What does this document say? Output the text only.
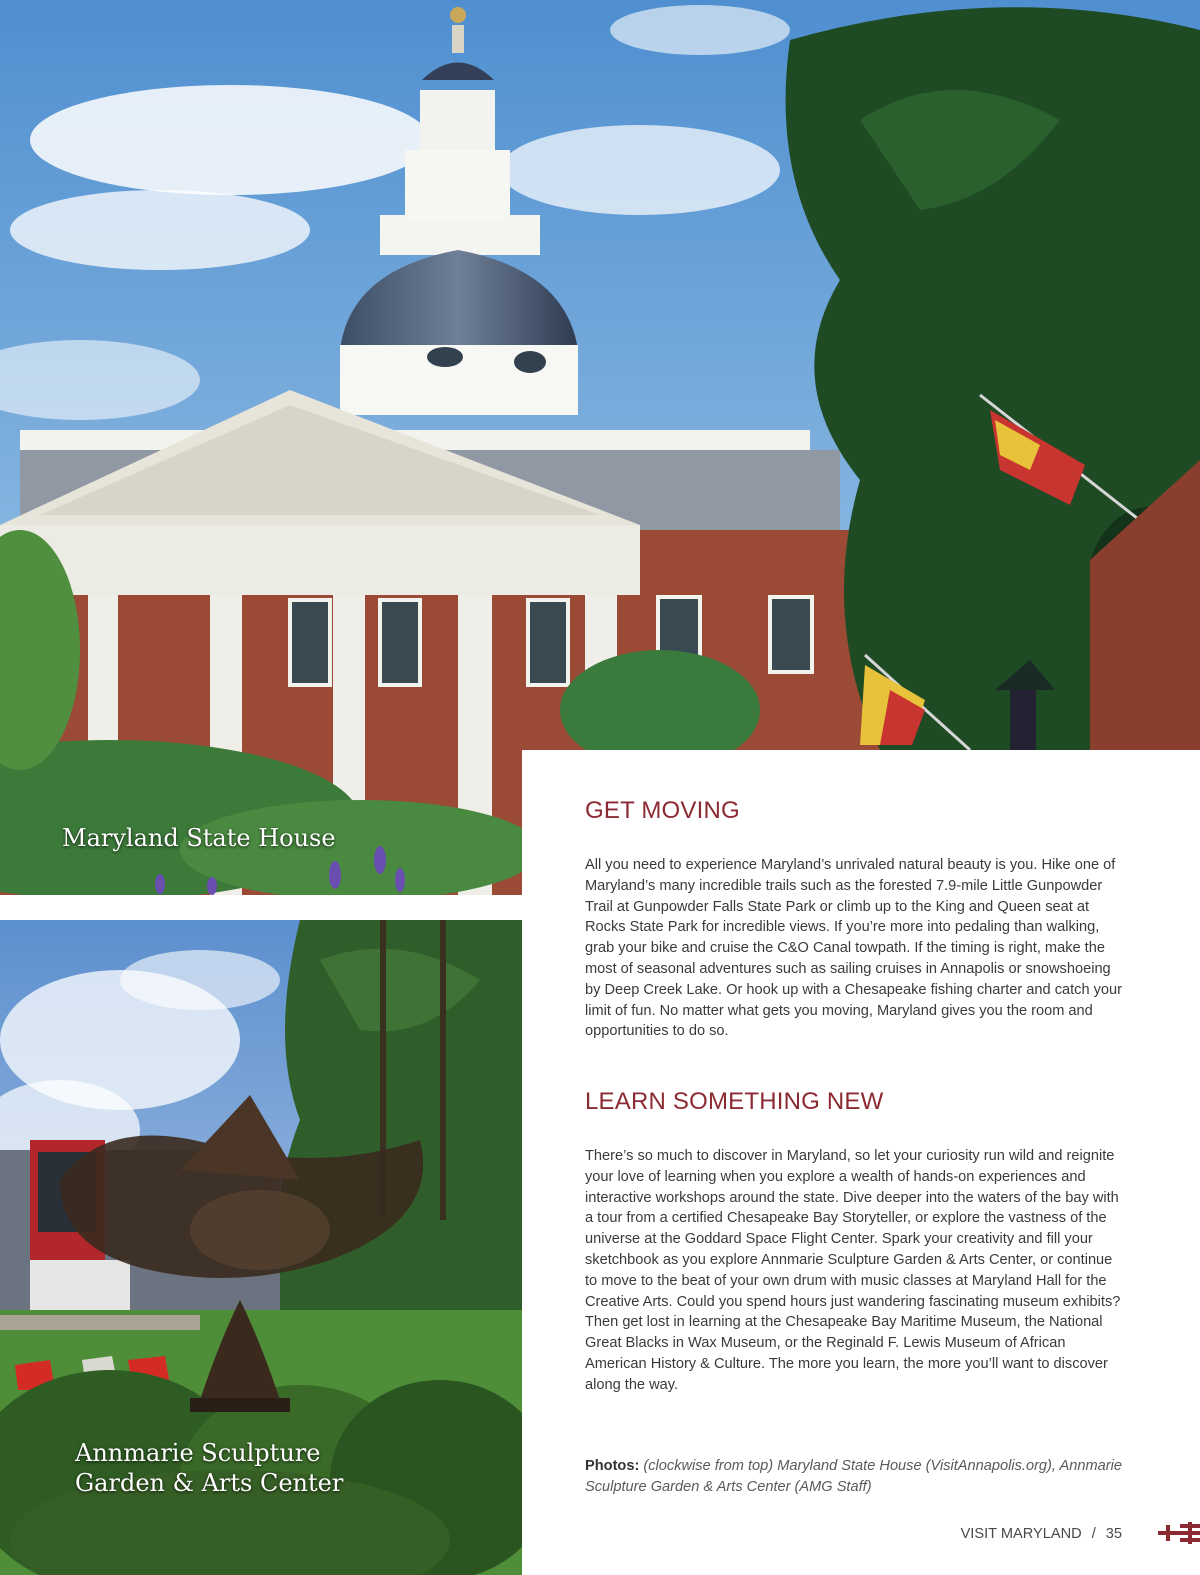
Maryland State House
Annmarie Sculpture
Garden & Arts Center
GET MOVING

All you need to experience Maryland’s unrivaled natural beauty is you. Hike one of Maryland’s many incredible trails such as the forested 7.9-mile Little Gunpowder Trail at Gunpowder Falls State Park or climb up to the King and Queen seat at Rocks State Park for incredible views. If you’re more into pedaling than walking, grab your bike and cruise the C&O Canal towpath. If the timing is right, make the most of seasonal adventures such as sailing cruises in Annapolis or snowshoeing by Deep Creek Lake. Or hook up with a Chesapeake fishing charter and catch your limit of fun. No matter what gets you moving, Maryland gives you the room and opportunities to do so.

LEARN SOMETHING NEW

There’s so much to discover in Maryland, so let your curiosity run wild and reignite your love of learning when you explore a wealth of hands-on experiences and interactive workshops around the state. Dive deeper into the waters of the bay with a tour from a certified Chesapeake Bay Storyteller, or explore the vastness of the universe at the Goddard Space Flight Center. Spark your creativity and fill your sketchbook as you explore Annmarie Sculpture Garden & Arts Center, or continue to move to the beat of your own drum with music classes at Maryland Hall for the Creative Arts. Could you spend hours just wandering fascinating museum exhibits? Then get lost in learning at the Chesapeake Bay Maritime Museum, the National Great Blacks in Wax Museum, or the Reginald F. Lewis Museum of African American History & Culture. The more you learn, the more you’ll want to discover along the way.

Photos: (clockwise from top) Maryland State House (VisitAnnapolis.org), Annmarie Sculpture Garden & Arts Center (AMG Staff)

VISIT MARYLAND / 35
